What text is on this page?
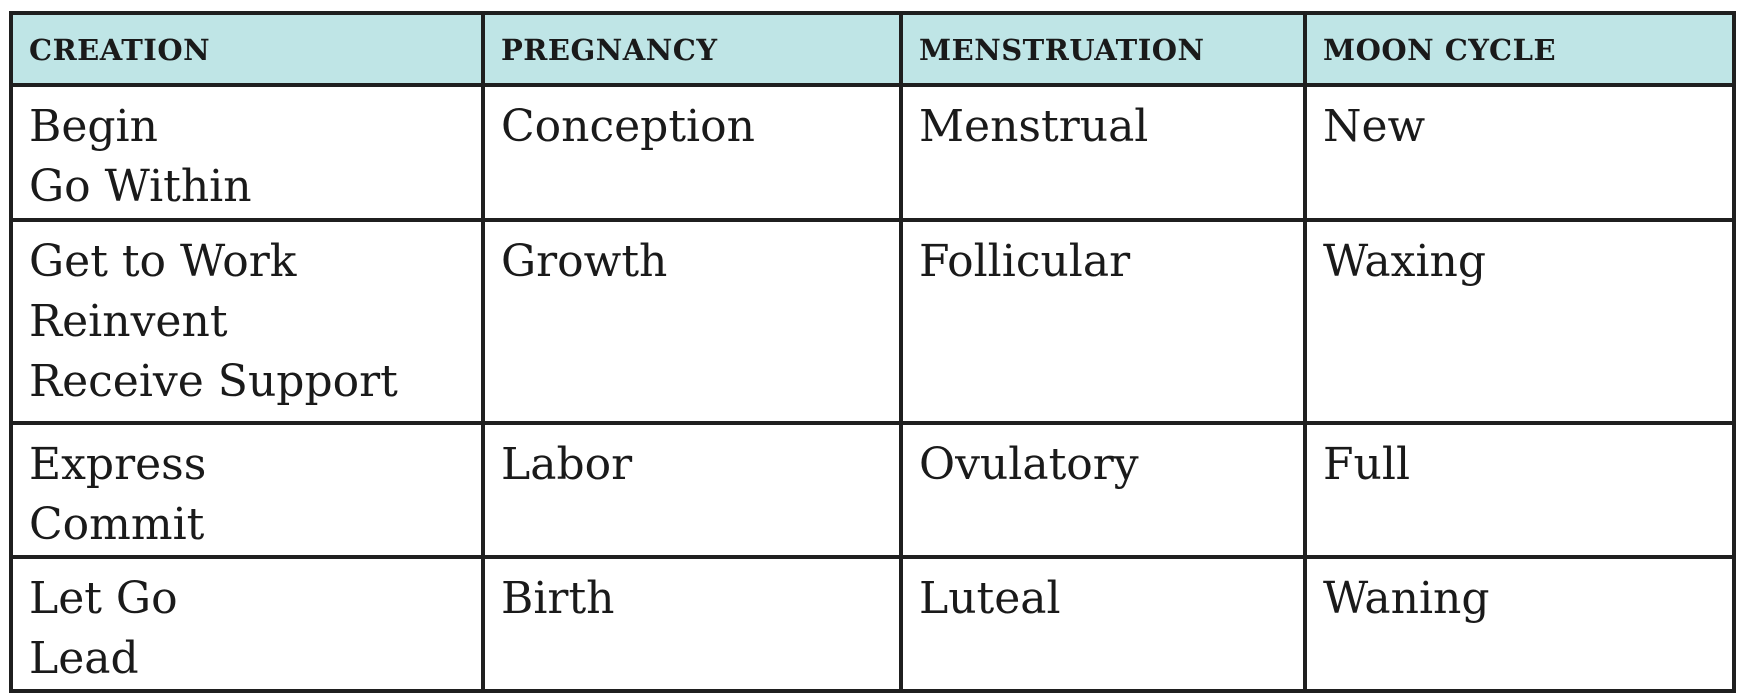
CREATION	PREGNANCY	MENSTRUATION	MOON CYCLE

Begin
Go Within	Conception	Menstrual	New

Get to Work
Reinvent
Receive Support	Growth	Follicular	Waxing

Express
Commit	Labor	Ovulatory	Full

Let Go
Lead	Birth	Luteal	Waning
